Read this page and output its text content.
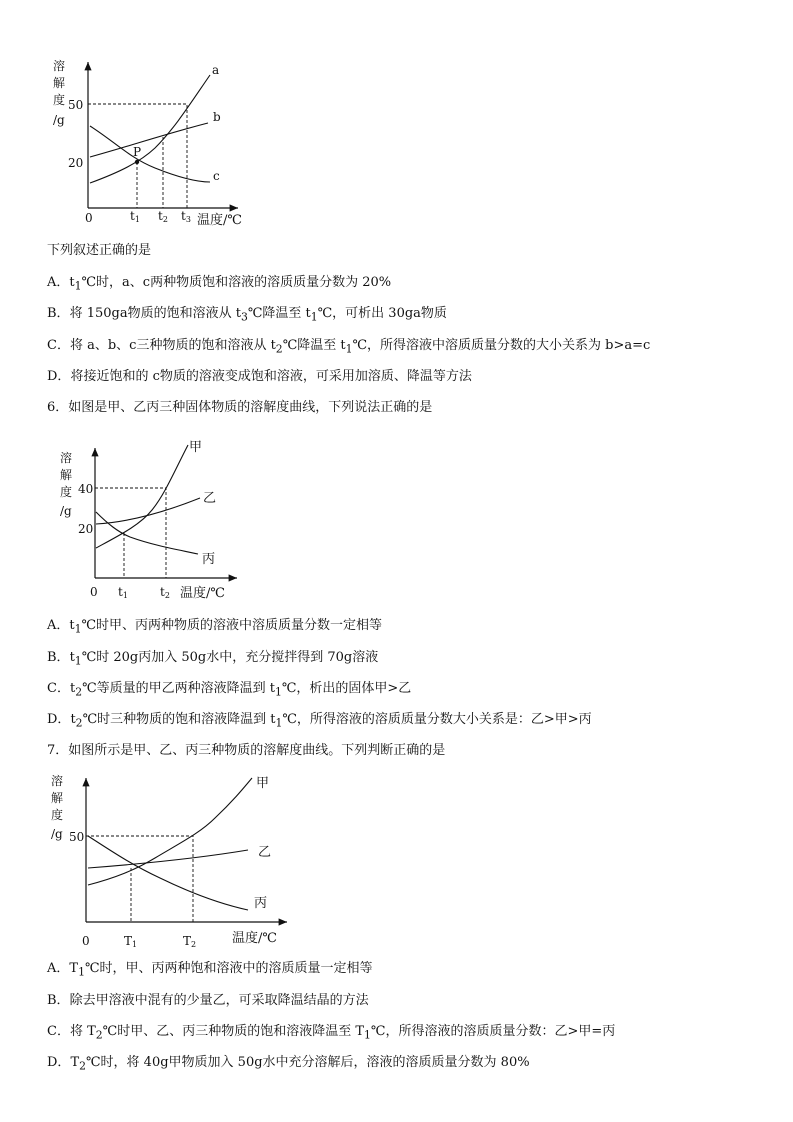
溶
解
度
/g
50
20
0	t1 t2 t3 温度/℃
P
a
b
c
下列叙述正确的是
A．$t_1℃$时，a、c两种物质饱和溶液的溶质质量分数为 20%
B．将 150ga物质的饱和溶液从 $t_3℃$降温至 $t_1℃$，可析出 30ga物质
C．将 a、b、c三种物质的饱和溶液从 $t_2℃$降温至 $t_1℃$，所得溶液中溶质质量分数的大小关系为 b>a=c
D．将接近饱和的 c物质的溶液变成饱和溶液，可采用加溶质、降温等方法
6．如图是甲、乙丙三种固体物质的溶解度曲线，下列说法正确的是
溶
解
度
/g
40
20
0 t1	t2 温度/℃
甲
乙
丙
A．$t_1℃$时甲、丙两种物质的溶液中溶质质量分数一定相等
B．$t_1℃$时 20g丙加入 50g水中，充分搅拌得到 70g溶液
C．$t_2℃$等质量的甲乙两种溶液降温到 $t_1℃$，析出的固体甲>乙
D．$t_2℃$时三种物质的饱和溶液降温到 $t_1℃$，所得溶液的溶质质量分数大小关系是：乙>甲>丙
7．如图所示是甲、乙、丙三种物质的溶解度曲线。下列判断正确的是
溶
解
度
/g 50
0	T1	T2	温度/℃
甲
乙
丙
A．$T_1℃$时，甲、丙两种饱和溶液中的溶质质量一定相等
B．除去甲溶液中混有的少量乙，可采取降温结晶的方法
C．将 $T_2℃$时甲、乙、丙三种物质的饱和溶液降温至 $T_1℃$，所得溶液的溶质质量分数：乙>甲=丙
D．$T_2℃$时，将 40g甲物质加入 50g水中充分溶解后，溶液的溶质质量分数为 80%
